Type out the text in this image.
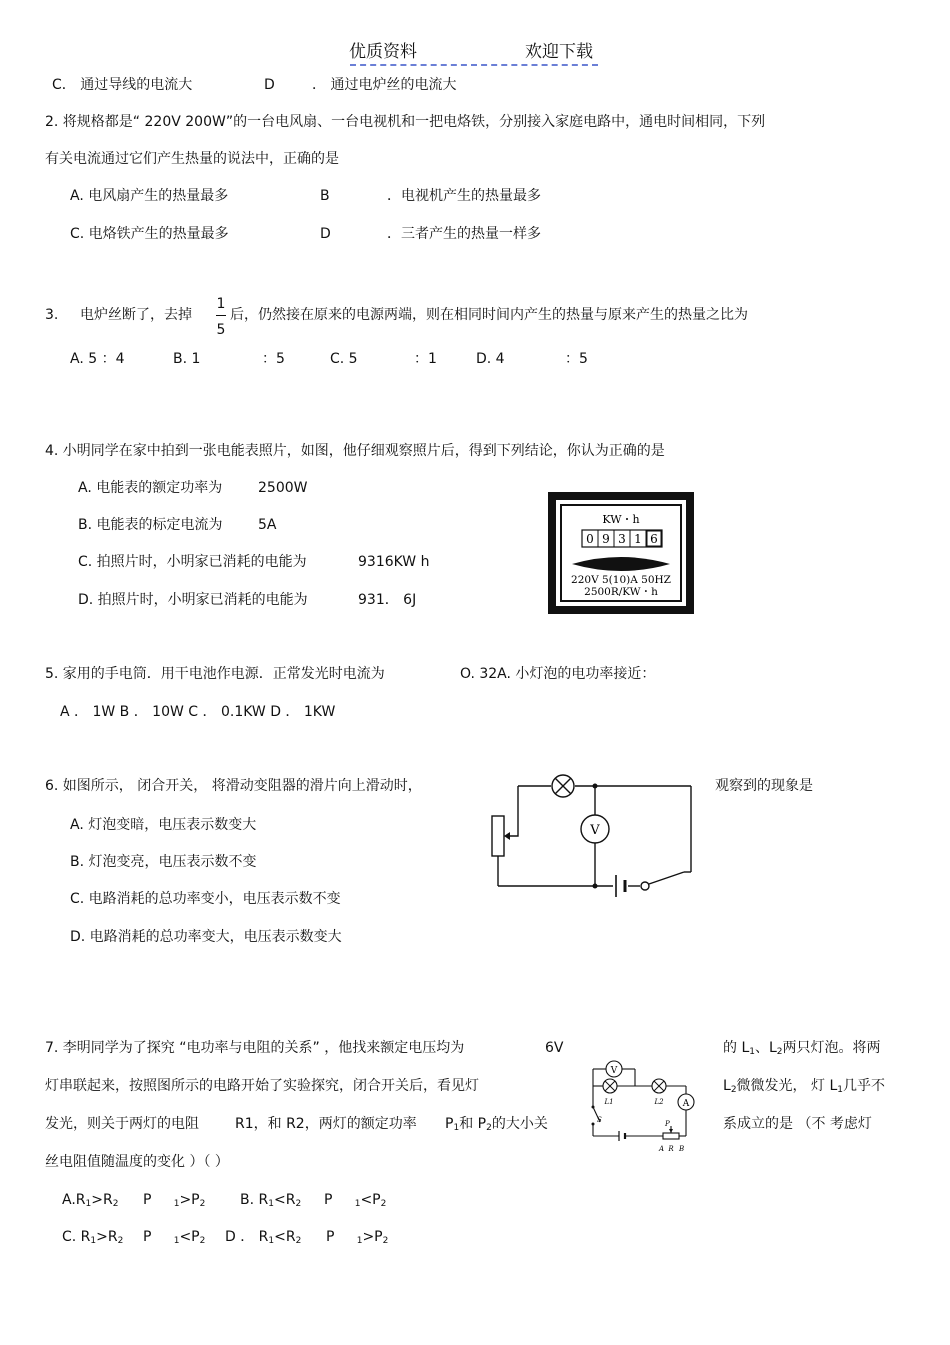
优质资料	欢迎下载
C． 通过导线的电流大	D	． 通过电炉丝的电流大
2. 将规格都是“ 220V 200W”的一台电风扇、一台电视机和一把电烙铁，分别接入家庭电路中，通电时间相同，下列
有关电流通过它们产生热量的说法中，正确的是
A. 电风扇产生的热量最多	B	．电视机产生的热量最多
C. 电烙铁产生的热量最多	D	．三者产生的热量一样多
3. 电炉丝断了，去掉
1
5
后，仍然接在原来的电源两端，则在相同时间内产生的热量与原来产生的热量之比为
A. 5 ：4	B. 1	：5	C. 5	：1	D. 4	：5
4. 小明同学在家中拍到一张电能表照片，如图，他仔细观察照片后，得到下列结论，你认为正确的是
A. 电能表的额定功率为	2500W
B. 电能表的标定电流为	5A
C. 拍照片时，小明家已消耗的电能为	9316KW h
D. 拍照片时，小明家已消耗的电能为	931． 6J
KW・h
0 9 3 1 6
220V 5(10)A 50HZ
2500R/KW・h
5. 家用的手电筒．用干电池作电源．正常发光时电流为	O. 32A. 小灯泡的电功率接近：
A ． 1W B ． 10W C ． 0.1KW D ． 1KW
6. 如图所示， 闭合开关， 将滑动变阻器的滑片向上滑动时，	观察到的现象是
A. 灯泡变暗，电压表示数变大
B. 灯泡变亮，电压表示数不变
C. 电路消耗的总功率变小，电压表示数不变
D. 电路消耗的总功率变大，电压表示数变大
V
7. 李明同学为了探究 “电功率与电阻的关系” ，他找来额定电压均为	6V	的 $L_1$、$L_2$两只灯泡。将两
灯串联起来，按照图所示的电路开始了实验探究，闭合开关后，看见灯	$L_2$微微发光， 灯 $L_1$几乎不
发光，则关于两灯的电阻	R1，和 R2，两灯的额定功率 $P_1$和 $P_2$的大小关	系成立的是 （不 考虑灯
丝电阻值随温度的变化 ）（ ）
$A.R_1>R_2$ P $_1>P_2$ B. $R_1<R_2$ P $_1<P_2$
C. $R_1>R_2$ P $_1<P_2$ D ． $R_1<R_2$ P $_1>P_2$
V
L1	L2 A
S	P
A R B
